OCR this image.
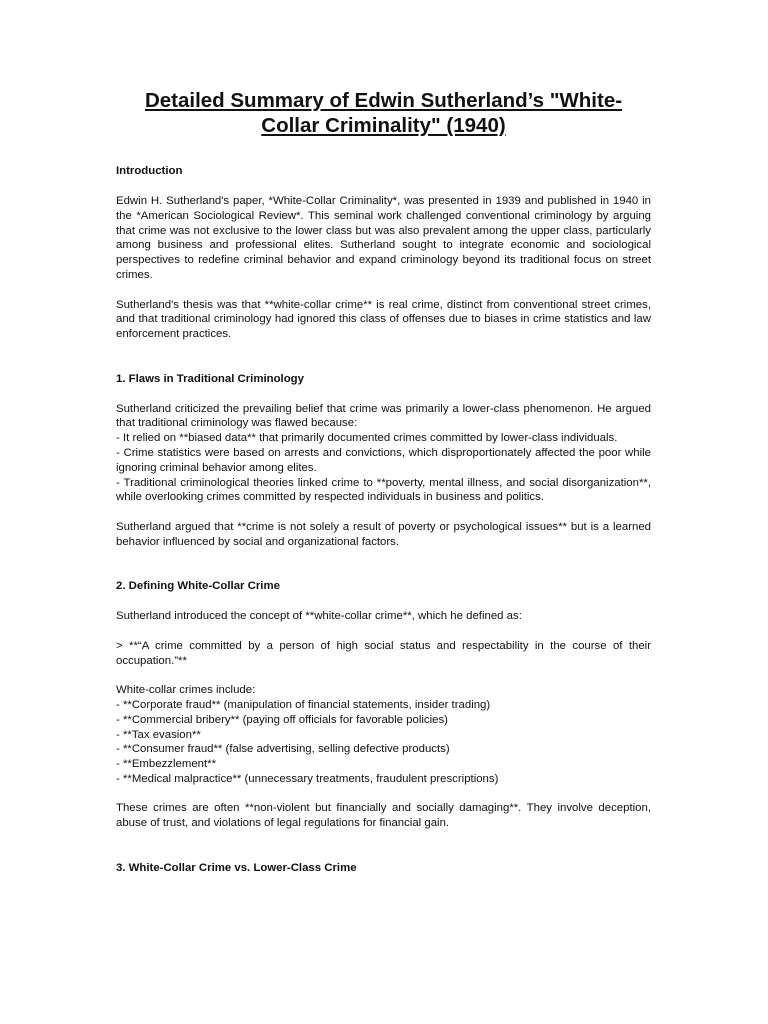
Detailed Summary of Edwin Sutherland’s "White-Collar Criminality" (1940)
Introduction

Edwin H. Sutherland's paper, *White-Collar Criminality*, was presented in 1939 and published in 1940 in the *American Sociological Review*. This seminal work challenged conventional criminology by arguing that crime was not exclusive to the lower class but was also prevalent among the upper class, particularly among business and professional elites. Sutherland sought to integrate economic and sociological perspectives to redefine criminal behavior and expand criminology beyond its traditional focus on street crimes.

Sutherland's thesis was that **white-collar crime** is real crime, distinct from conventional street crimes, and that traditional criminology had ignored this class of offenses due to biases in crime statistics and law enforcement practices.

1. Flaws in Traditional Criminology
Sutherland criticized the prevailing belief that crime was primarily a lower-class phenomenon. He argued that traditional criminology was flawed because:
- It relied on **biased data** that primarily documented crimes committed by lower-class individuals.
- Crime statistics were based on arrests and convictions, which disproportionately affected the poor while ignoring criminal behavior among elites.
- Traditional criminological theories linked crime to **poverty, mental illness, and social disorganization**, while overlooking crimes committed by respected individuals in business and politics.

Sutherland argued that **crime is not solely a result of poverty or psychological issues** but is a learned behavior influenced by social and organizational factors.

2. Defining White-Collar Crime

Sutherland introduced the concept of **white-collar crime**, which he defined as:

> **“A crime committed by a person of high social status and respectability in the course of their occupation.”**

White-collar crimes include:
- **Corporate fraud** (manipulation of financial statements, insider trading)
- **Commercial bribery** (paying off officials for favorable policies)
- **Tax evasion**
- **Consumer fraud** (false advertising, selling defective products)
- **Embezzlement**
- **Medical malpractice** (unnecessary treatments, fraudulent prescriptions)

These crimes are often **non-violent but financially and socially damaging**. They involve deception, abuse of trust, and violations of legal regulations for financial gain.

3. White-Collar Crime vs. Lower-Class Crime
